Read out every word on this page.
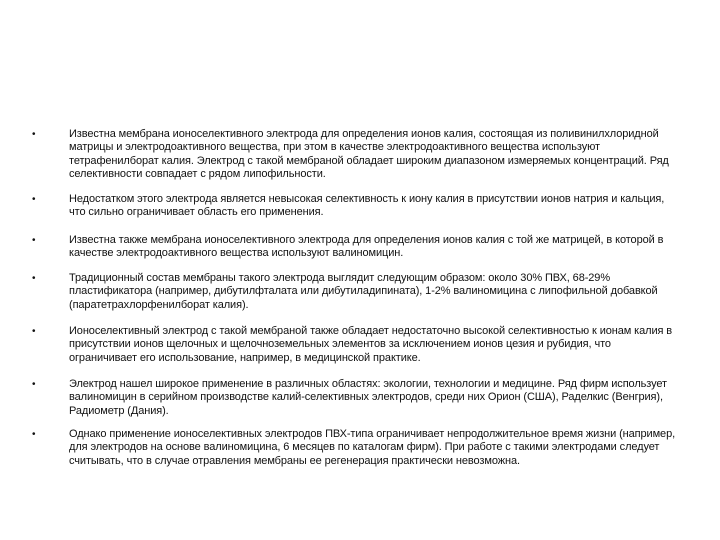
•	Известна мембрана ионоселективного электрода для определения ионов калия, состоящая из поливинилхлоридной матрицы и электродоактивного вещества, при этом в качестве электродоактивного вещества используют тетрафенилборат калия. Электрод с такой мембраной обладает широким диапазоном измеряемых концентраций. Ряд селективности совпадает с рядом липофильности.
•	Недостатком этого электрода является невысокая селективность к иону калия в присутствии ионов натрия и кальция, что сильно ограничивает область его применения.
•	Известна также мембрана ионоселективного электрода для определения ионов калия с той же матрицей, в которой в качестве электродоактивного вещества используют валиномицин.
•	Традиционный состав мембраны такого электрода выглядит следующим образом: около 30% ПВХ, 68-29% пластификатора (например, дибутилфталата или дибутиладипината), 1-2% валиномицина с липофильной добавкой (паратетрахлорфенилборат калия).
•	Ионоселективный электрод с такой мембраной также обладает недостаточно высокой селективностью к ионам калия в присутствии ионов щелочных и щелочноземельных элементов за исключением ионов цезия и рубидия, что ограничивает его использование, например, в медицинской практике.
•	Электрод нашел широкое применение в различных областях: экологии, технологии и медицине. Ряд фирм использует валиномицин в серийном производстве калий-селективных электродов, среди них Орион (США), Раделкис (Венгрия), Радиометр (Дания).
•	Однако применение ионоселективных электродов ПВХ-типа ограничивает непродолжительное время жизни (например, для электродов на основе валиномицина, 6 месяцев по каталогам фирм). При работе с такими электродами следует считывать, что в случае отравления мембраны ее регенерация практически невозможна.
